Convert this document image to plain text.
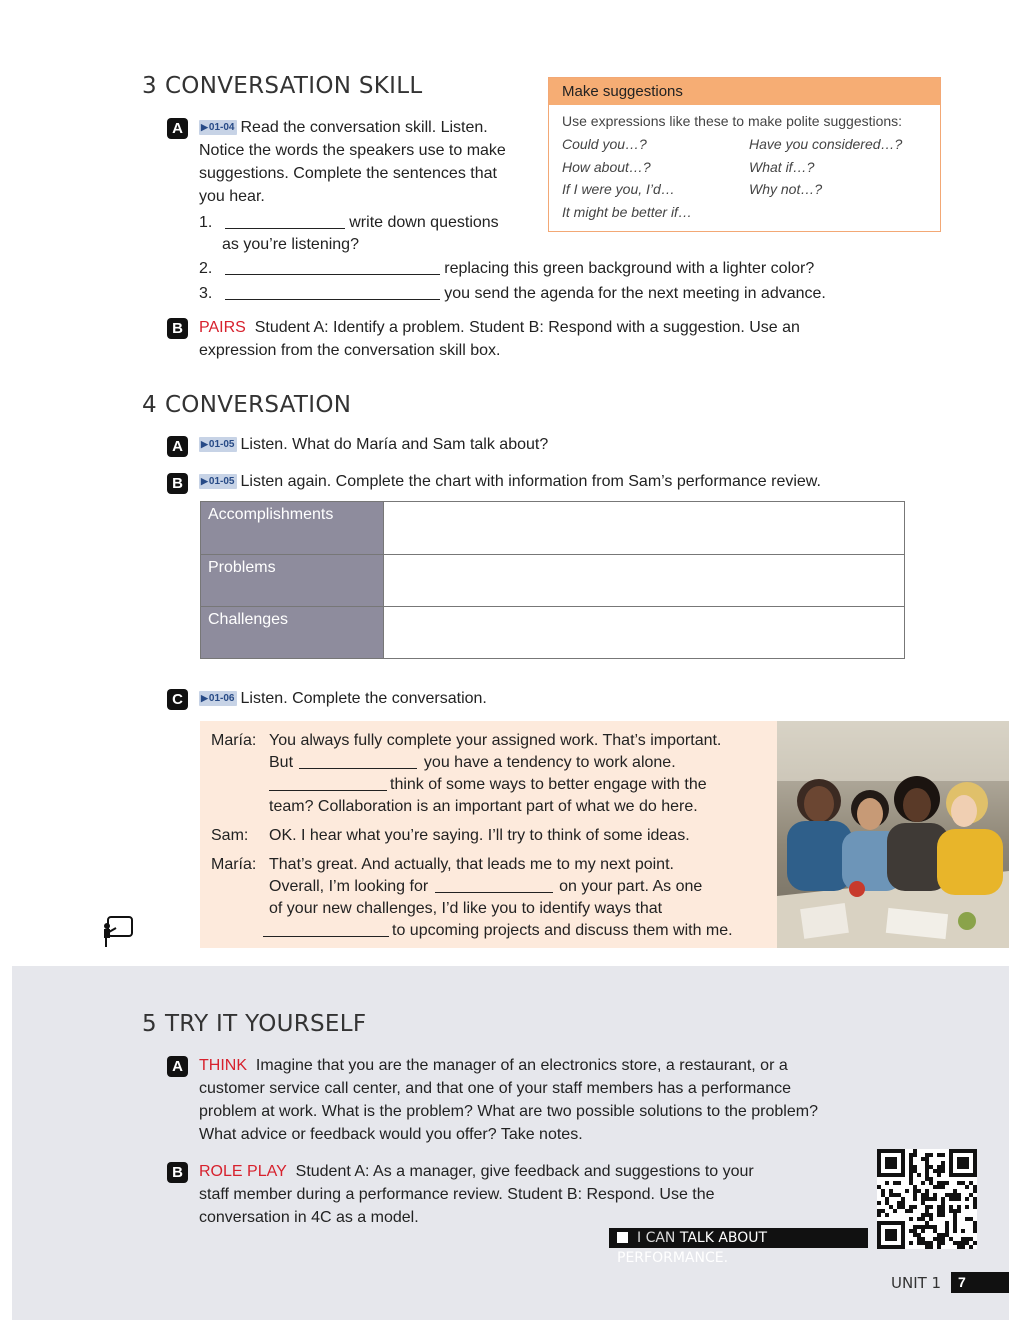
3 CONVERSATION SKILL
A	▶01-04 Read the conversation skill. Listen.
Notice the words the speakers use to make
suggestions. Complete the sentences that
you hear.
1.	write down questions
as you’re listening?
2.	replacing this green background with a lighter color?
3.	you send the agenda for the next meeting in advance.
B	PAIRS Student A: Identify a problem. Student B: Respond with a suggestion. Use an
expression from the conversation skill box.
Make suggestions
Use expressions like these to make polite suggestions:
Could you…?
How about…?
If I were you, I’d…
It might be better if…
Have you considered…?
What if…?
Why not…?
4 CONVERSATION
A	▶01-05 Listen. What do María and Sam talk about?
B	▶01-05 Listen again. Complete the chart with information from Sam’s performance review.
Accomplishments
Problems
Challenges
C	▶01-06 Listen. Complete the conversation.
María: You always fully complete your assigned work. That’s important.
But	you have a tendency to work alone.
think of some ways to better engage with the
team? Collaboration is an important part of what we do here.
Sam: OK. I hear what you’re saying. I’ll try to think of some ideas.
María: That’s great. And actually, that leads me to my next point.
Overall, I’m looking for	on your part. As one
of your new challenges, I’d like you to identify ways that
to upcoming projects and discuss them with me.
5 TRY IT YOURSELF
A	THINK Imagine that you are the manager of an electronics store, a restaurant, or a
customer service call center, and that one of your staff members has a performance
problem at work. What is the problem? What are two possible solutions to the problem?
What advice or feedback would you offer? Take notes.
B	ROLE PLAY Student A: As a manager, give feedback and suggestions to your
staff member during a performance review. Student B: Respond. Use the
conversation in 4C as a model.
I CAN TALK ABOUT PERFORMANCE.
UNIT 1	7
